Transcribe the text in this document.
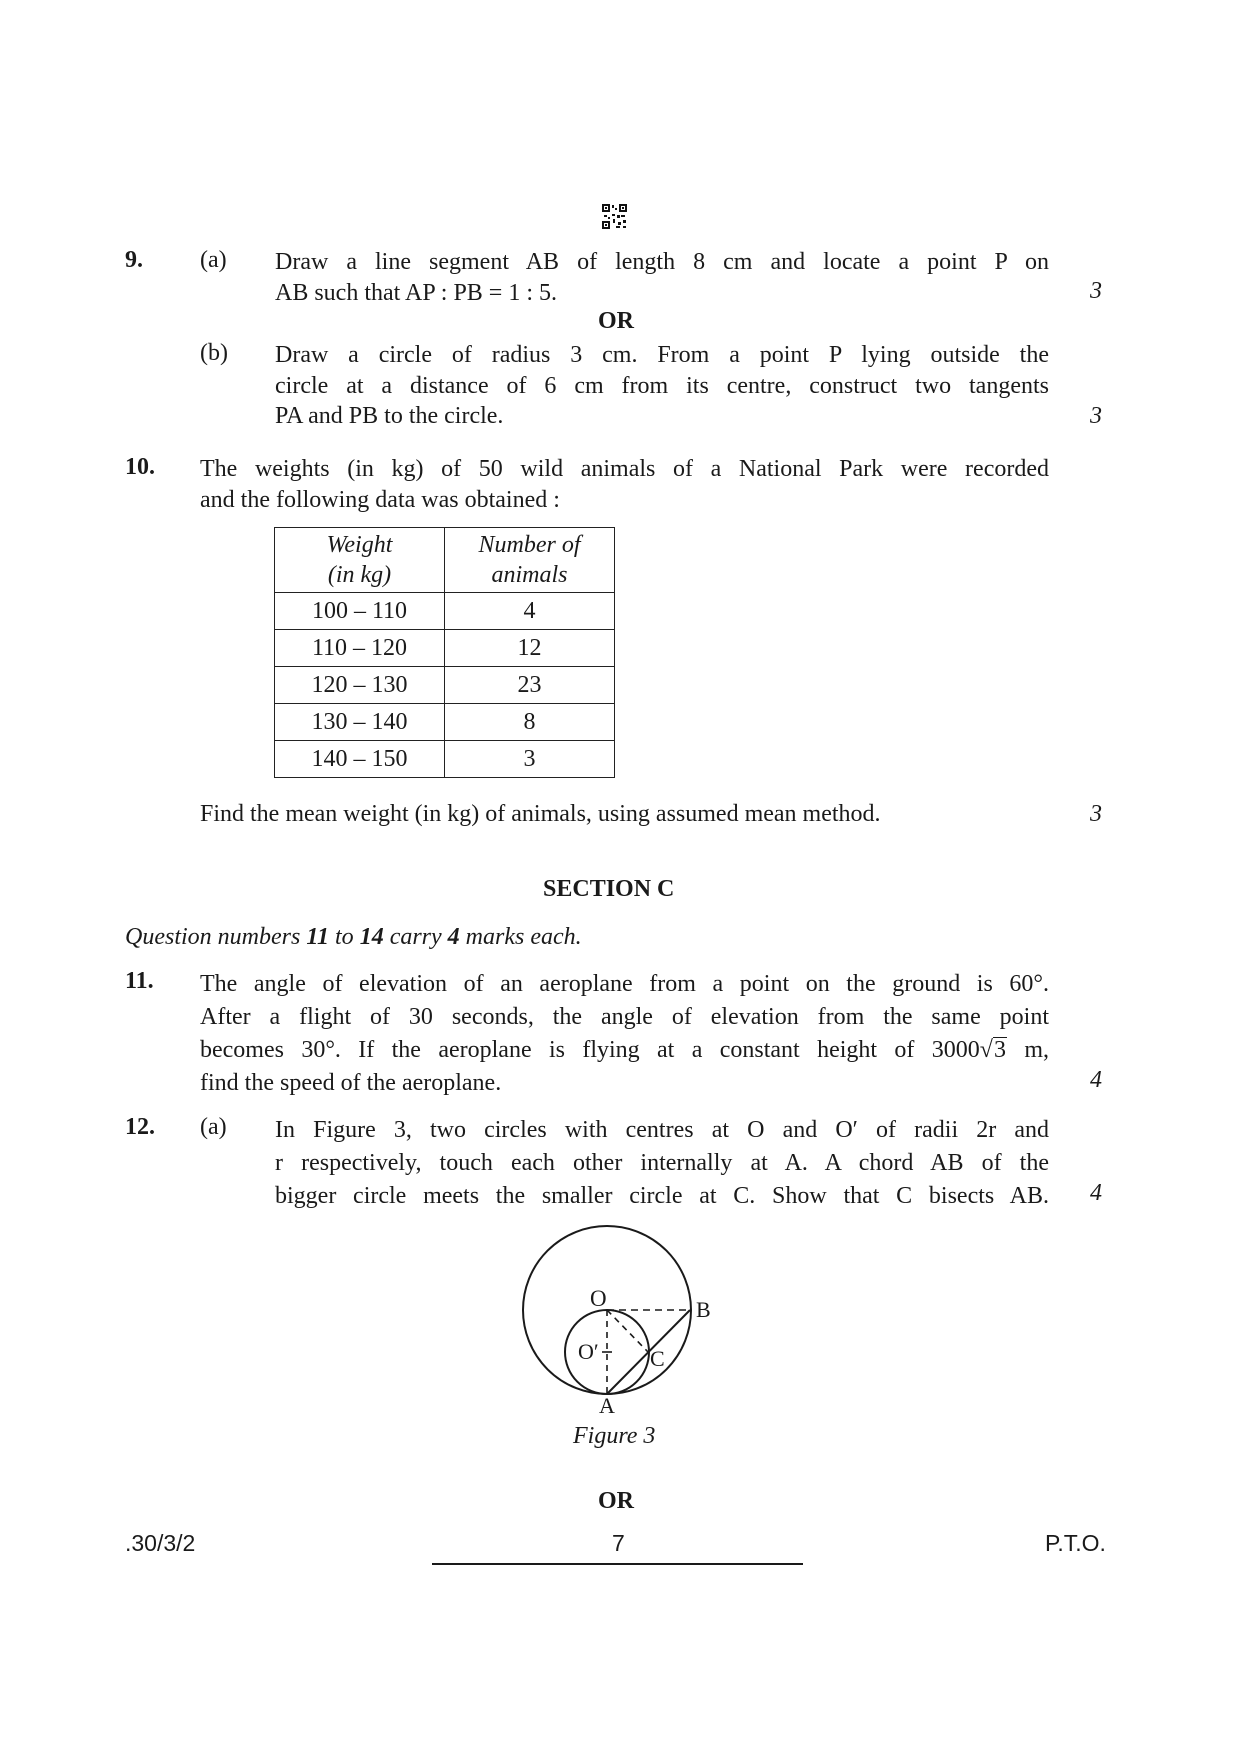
9. (a) Draw a line segment AB of length 8 cm and locate a point P on
AB such that AP : PB = 1 : 5.	3
OR
(b) Draw a circle of radius 3 cm. From a point P lying outside the
circle at a distance of 6 cm from its centre, construct two tangents
PA and PB to the circle.	3
10. The weights (in kg) of 50 wild animals of a National Park were recorded
and the following data was obtained :
Weight
(in kg)	Number of
animals
100 – 110	4
110 – 120	12
120 – 130	23
130 – 140	8
140 – 150	3
Find the mean weight (in kg) of animals, using assumed mean method.	3
SECTION C
Question numbers 11 to 14 carry 4 marks each.
11. The angle of elevation of an aeroplane from a point on the ground is 60°.
After a flight of 30 seconds, the angle of elevation from the same point
becomes 30°. If the aeroplane is flying at a constant height of 3000√3 m,
find the speed of the aeroplane.	4
12. (a) In Figure 3, two circles with centres at O and O′ of radii 2r and
r respectively, touch each other internally at A. A chord AB of the
bigger circle meets the smaller circle at C. Show that C bisects AB. 4
O
O′
B
C
A
Figure 3
OR
.30/3/2	7	P.T.O.
